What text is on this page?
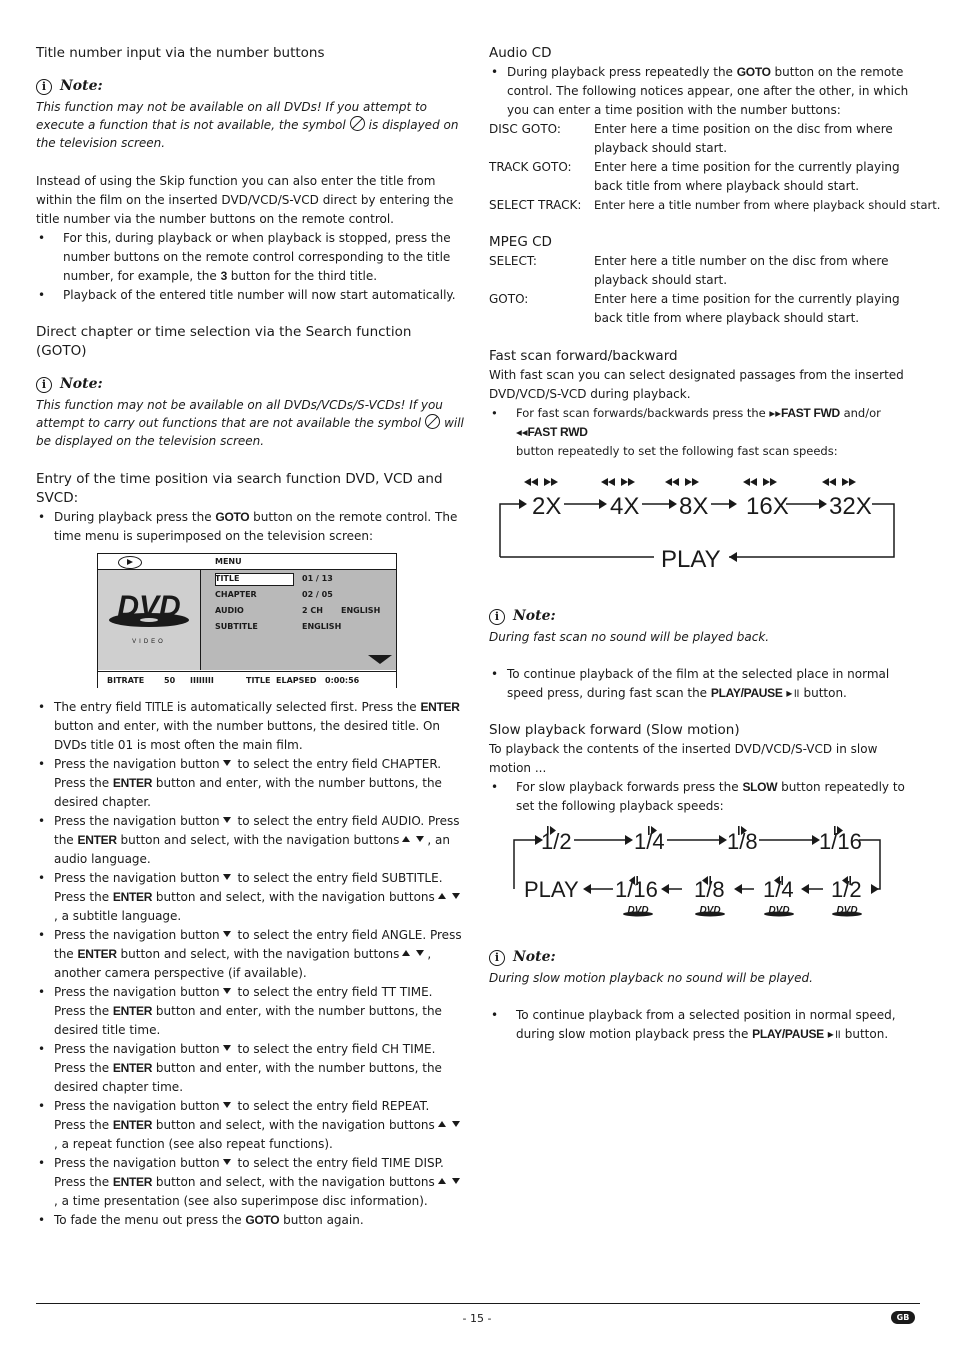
Title number input via the number buttons

i Note:

This function may not be available on all DVDs! If you attempt to execute a function that is not available, the symbol is displayed on the television screen.

Instead of using the Skip function you can also enter the title from within the film on the inserted DVD/VCD/S-VCD direct by entering the title number via the number buttons on the remote control.

• For this, during playback or when playback is stopped, press the number buttons on the remote control corresponding to the title number, for example, the 3 button for the third title.
• Playback of the entered title number will now start automatically.

Direct chapter or time selection via the Search function (GOTO)

i Note:

This function may not be available on all DVDs/VCDs/S-VCDs! If you attempt to carry out functions that are not available the symbol will be displayed on the television screen.

Entry of the time position via search function DVD, VCD and SVCD:

• During playback press the GOTO button on the remote control. The time menu is superimposed on the television screen:
MENU
DVD
VIDEO
TITLE	01 / 13
CHAPTER	02 / 05
AUDIO	2 CH ENGLISH
SUBTITLE	ENGLISH
BITRATE 50 IIIIIIII	TITLE ELAPSED 0:00:56
• The entry field TITLE is automatically selected first. Press the ENTER button and enter, with the number buttons, the desired title. On DVDs title 01 is most often the main film.
• Press the navigation button to select the entry field CHAPTER. Press the ENTER button and enter, with the number buttons, the desired chapter.
• Press the navigation button to select the entry field AUDIO. Press the ENTER button and select, with the navigation buttons , an audio language.
• Press the navigation button to select the entry field SUBTITLE. Press the ENTER button and select, with the navigation buttons, a subtitle language.
• Press the navigation button to select the entry field ANGLE. Press the ENTER button and select, with the navigation buttons , another camera perspective (if available).
• Press the navigation button to select the entry field TT TIME. Press the ENTER button and enter, with the number buttons, the desired title time.
• Press the navigation button to select the entry field CH TIME. Press the ENTER button and enter, with the number buttons, the desired chapter time.
• Press the navigation button to select the entry field REPEAT. Press the ENTER button and select, with the navigation buttons, a repeat function (see also repeat functions).
• Press the navigation button to select the entry field TIME DISP. Press the ENTER button and select, with the navigation buttons, a time presentation (see also superimpose disc information).
• To fade the menu out press the GOTO button again.

Audio CD

• During playback press repeatedly the GOTO button on the remote control. The following notices appear, one after the other, in which you can enter a time position with the number buttons:
DISC GOTO:	Enter here a time position on the disc from where playback should start.
TRACK GOTO:	Enter here a time position for the currently playing back title from where playback should start.
SELECT TRACK:	Enter here a title number from where playback should start.

MPEG CD

SELECT:	Enter here a title number on the disc from where playback should start.
GOTO:	Enter here a time position for the currently playing back title from where playback should start.

Fast scan forward/backward

With fast scan you can select designated passages from the inserted DVD/VCD/S-VCD during playback.

• For fast scan forwards/backwards press the ▸▸FAST FWD and/or ◂◂FAST RWD
button repeatedly to set the following fast scan speeds:
2X 4X 8X 16X 32X
PLAY
i Note:

During fast scan no sound will be played back.

• To continue playback of the film at the selected place in normal speed press, during fast scan the PLAY/PAUSE ▸॥ button.

Slow playback forward (Slow motion)

To playback the contents of the inserted DVD/VCD/S-VCD in slow motion ...

• For slow playback forwards press the SLOW button repeatedly to set the following playback speeds:
1/2	1/4	1/8	1/16
PLAY 1/16 1/8 1/4 1/2
DVD	DVD	DVD	DVD
i Note:

During slow motion playback no sound will be played.

• To continue playback from a selected position in normal speed, during slow motion playback press the PLAY/PAUSE ▸॥ button.
- 15 -	GB
